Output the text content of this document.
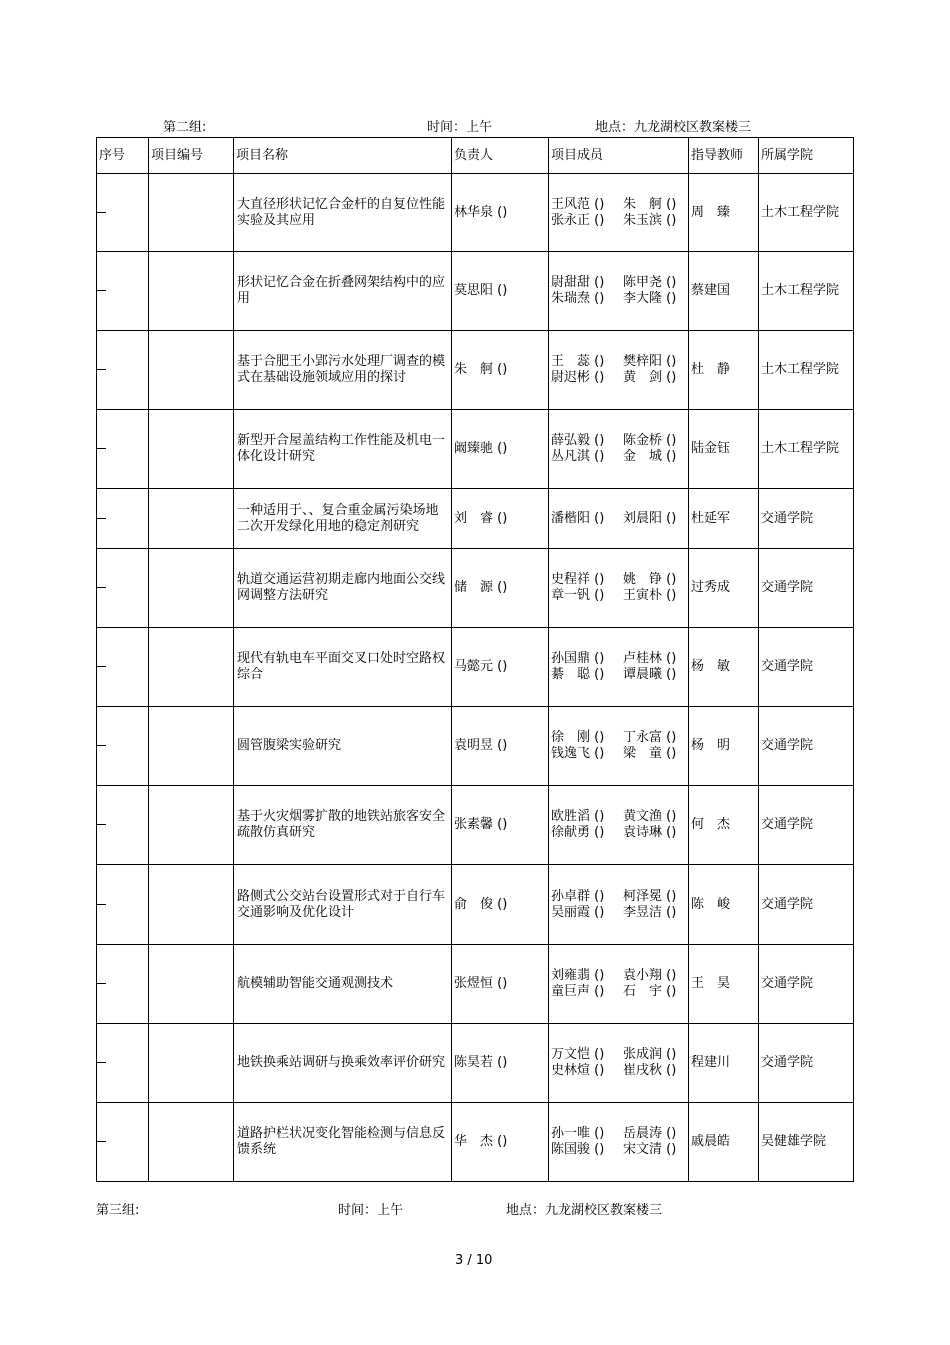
第二组:	时间：上午	地点：九龙湖校区教案楼三
序号	项目编号	项目名称	负责人	项目成员	指导教师	所属学院
		大直径形状记忆合金杆的自复位性能实验及其应用	林华泉 ()	王风范 () 朱　舸 ()
张永正 () 朱玉滨 ()	周　臻	土木工程学院
		形状记忆合金在折叠网架结构中的应用	莫思阳 ()	尉甜甜 () 陈甲尧 ()
朱瑞焘 () 李大隆 ()	蔡建国	土木工程学院
		基于合肥王小郢污水处理厂调查的模式在基础设施领域应用的探讨	朱　舸 ()	王　蕊 () 樊梓阳 ()
尉迟彬 () 黄　剑 ()	杜　静	土木工程学院
		新型开合屋盖结构工作性能及机电一体化设计研究	阚臻驰 ()	薛弘毅 () 陈金桥 ()
丛凡淇 () 金　城 ()	陆金钰	土木工程学院
		一种适用于、、复合重金属污染场地二次开发绿化用地的稳定剂研究	刘　睿 ()	潘楷阳 () 刘晨阳 ()	杜延军	交通学院
		轨道交通运营初期走廊内地面公交线网调整方法研究	储　源 ()	史程祥 () 姚　铮 ()
章一钒 () 王寅朴 ()	过秀成	交通学院
		现代有轨电车平面交叉口处时空路权综合	马懿元 ()	孙国鼎 () 卢桂林 ()
綦　聪 () 谭晨曦 ()	杨　敏	交通学院
		圆管腹梁实验研究	袁明昱 ()	徐　刚 () 丁永富 ()
钱逸飞 () 梁　童 ()	杨　明	交通学院
		基于火灾烟雾扩散的地铁站旅客安全疏散仿真研究	张素馨 ()	欧胜滔 () 黄文渔 ()
徐献勇 () 袁诗琳 ()	何　杰	交通学院
		路侧式公交站台设置形式对于自行车交通影响及优化设计	俞　俊 ()	孙卓群 () 柯泽冕 ()
吴丽霞 () 李昱洁 ()	陈　峻	交通学院
		航模辅助智能交通观测技术	张煜恒 ()	刘雍翡 () 袁小翔 ()
童巨声 () 石　宇 ()	王　昊	交通学院
		地铁换乘站调研与换乘效率评价研究	陈昊若 ()	万文恺 () 张成润 ()
史林煊 () 崔戌秋 ()	程建川	交通学院
		道路护栏状况变化智能检测与信息反馈系统	华　杰 ()	孙一唯 () 岳晨涛 ()
陈国骏 () 宋文清 ()	戚晨皓	吴健雄学院
第三组:	时间：上午	地点：九龙湖校区教案楼三
3 / 10
